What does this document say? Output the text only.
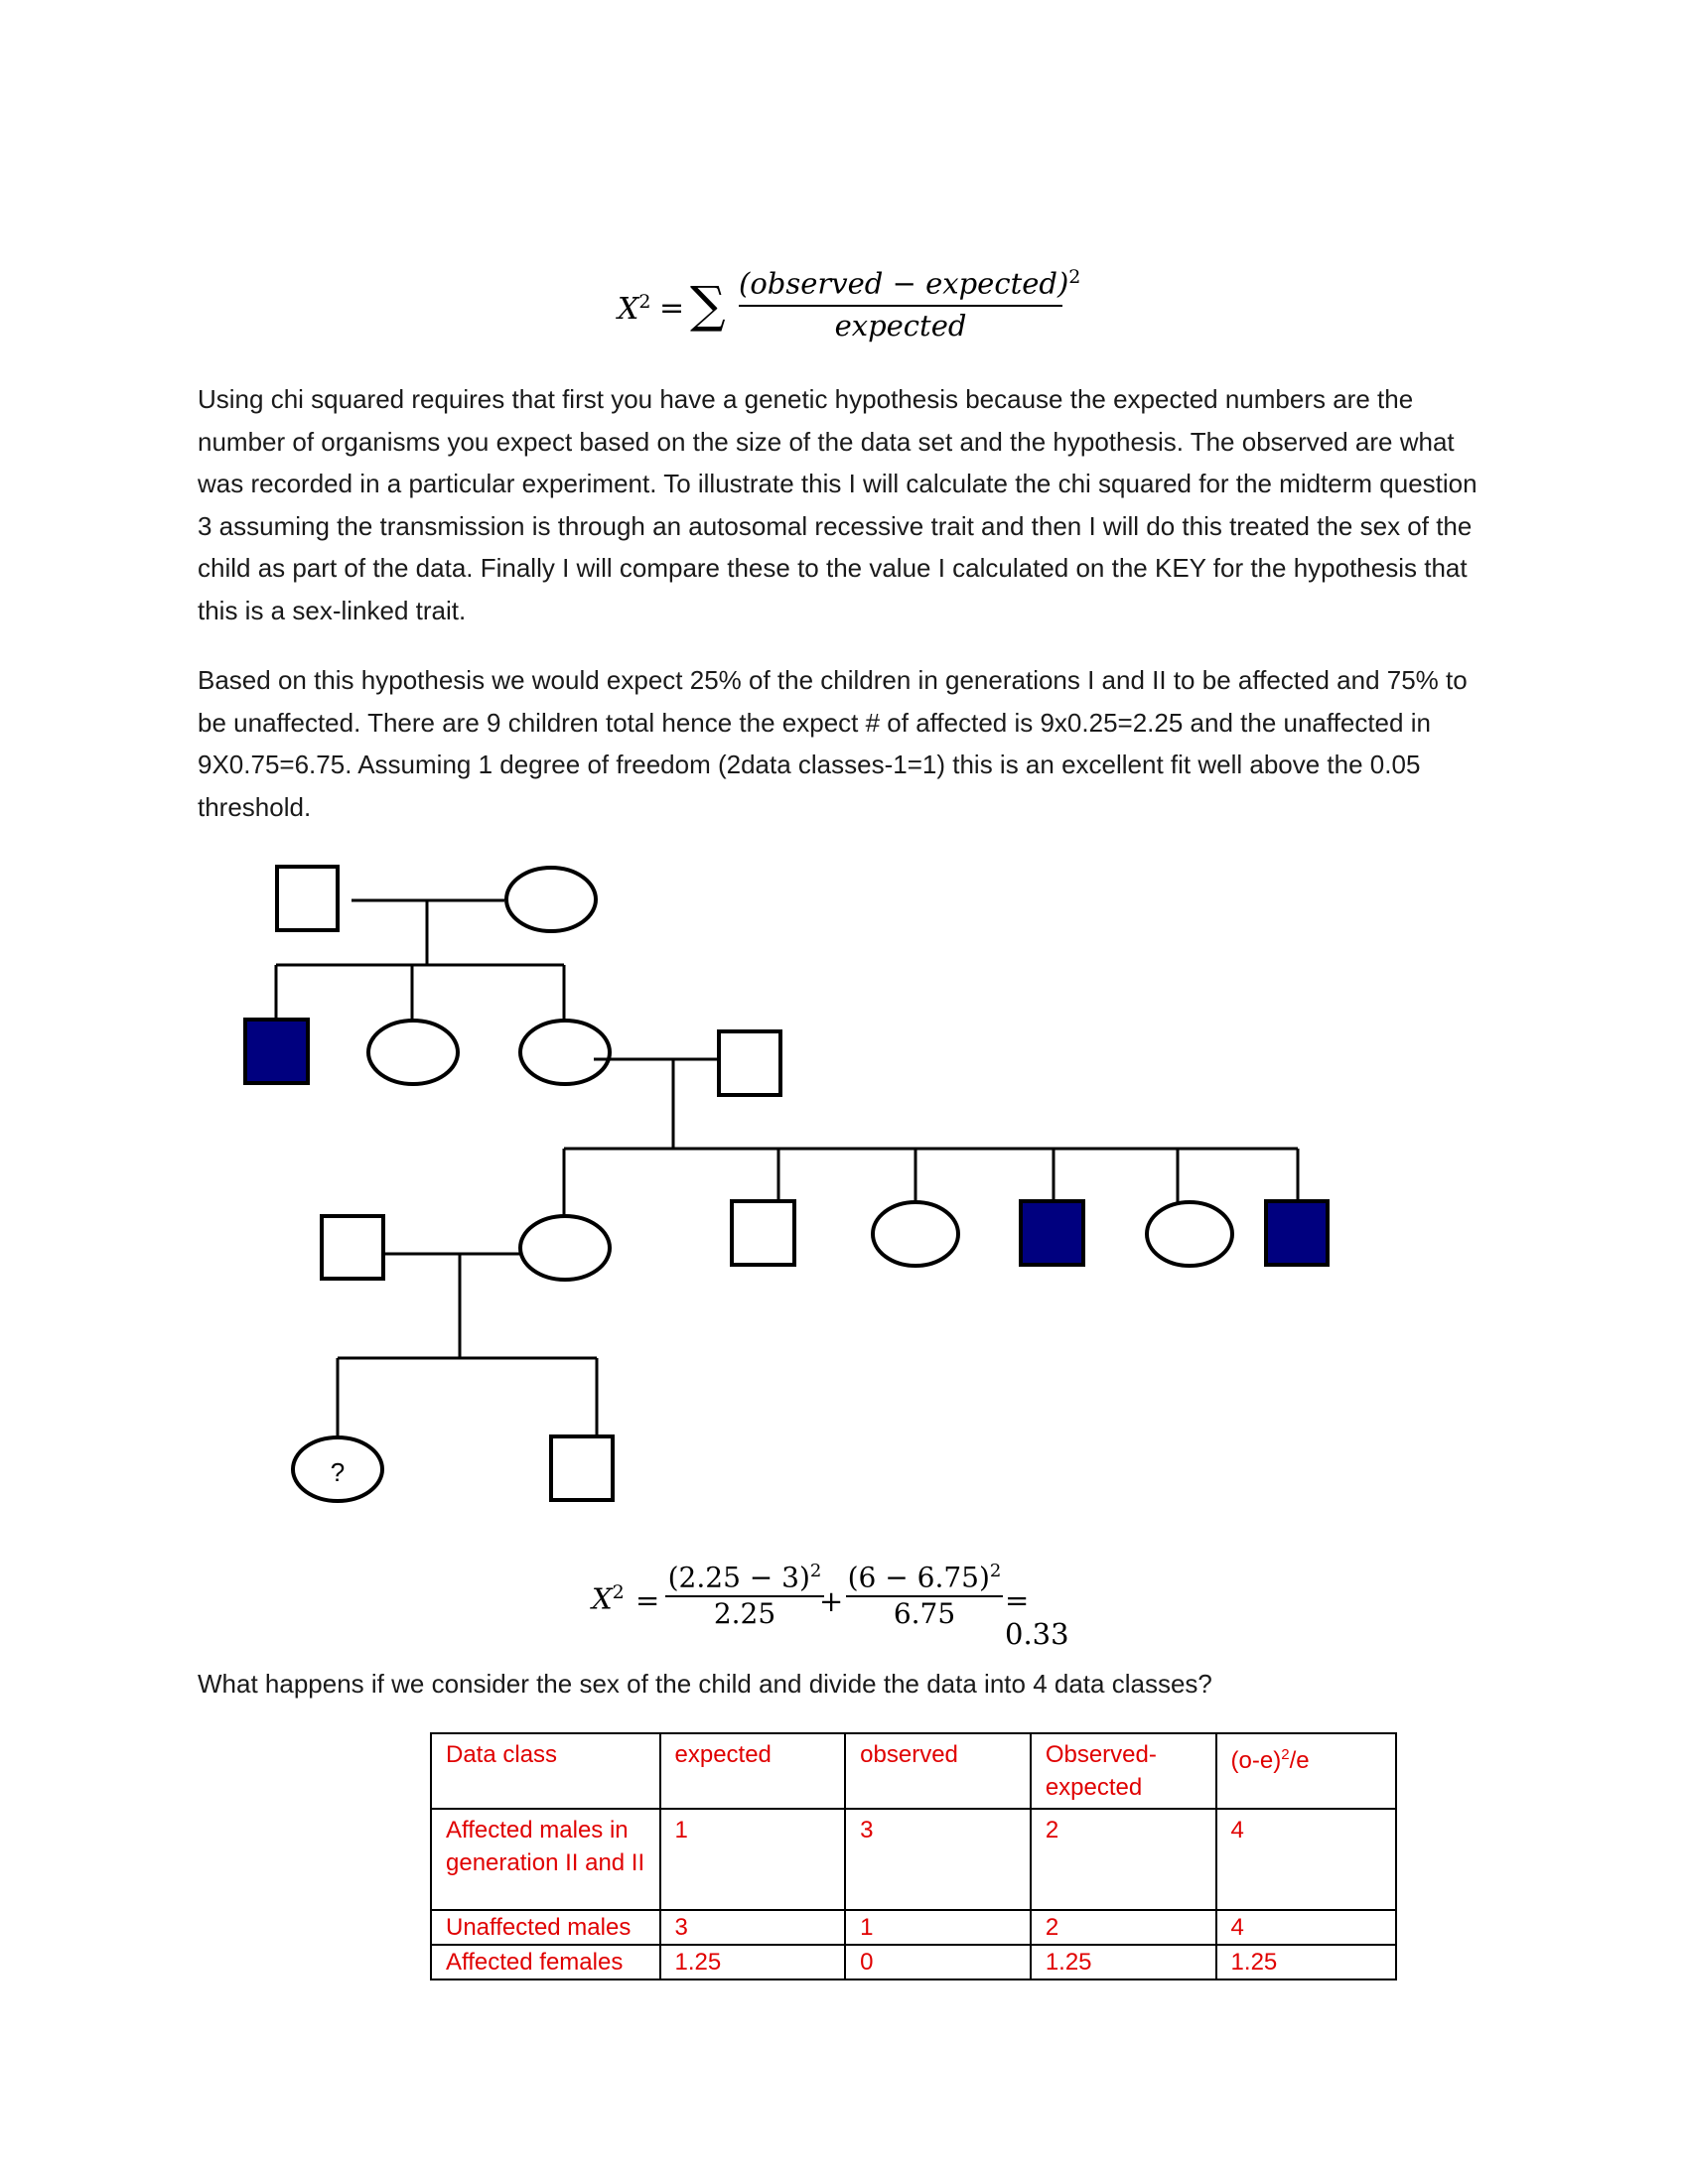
$X^2$ = ∑ (observed − expected)$^2$
expected

Using chi squared requires that first you have a genetic hypothesis because the expected numbers are the number of organisms you expect based on the size of the data set and the hypothesis. The observed are what was recorded in a particular experiment. To illustrate this I will calculate the chi squared for the midterm question 3 assuming the transmission is through an autosomal recessive trait and then I will do this treated the sex of the child as part of the data. Finally I will compare these to the value I calculated on the KEY for the hypothesis that this is a sex-linked trait.

Based on this hypothesis we would expect 25% of the children in generations I and II to be affected and 75% to be unaffected. There are 9 children total hence the expect # of affected is 9x0.25=2.25 and the unaffected in 9X0.75=6.75. Assuming 1 degree of freedom (2data classes-1=1) this is an excellent fit well above the 0.05 threshold.

?
$X^2$ =
$(2.25 - 3)^2$
2.25	+
$(6 - 6.75)^2$
6.75	= 0.33

What happens if we consider the sex of the child and divide the data into 4 data classes?

Data class	expected	observed	Observed-expected	$(o-e)^2/e$
Affected males in generation II and II	1	3	2	4
Unaffected males	3	1	2	4
Affected females	1.25	0	1.25	1.25
